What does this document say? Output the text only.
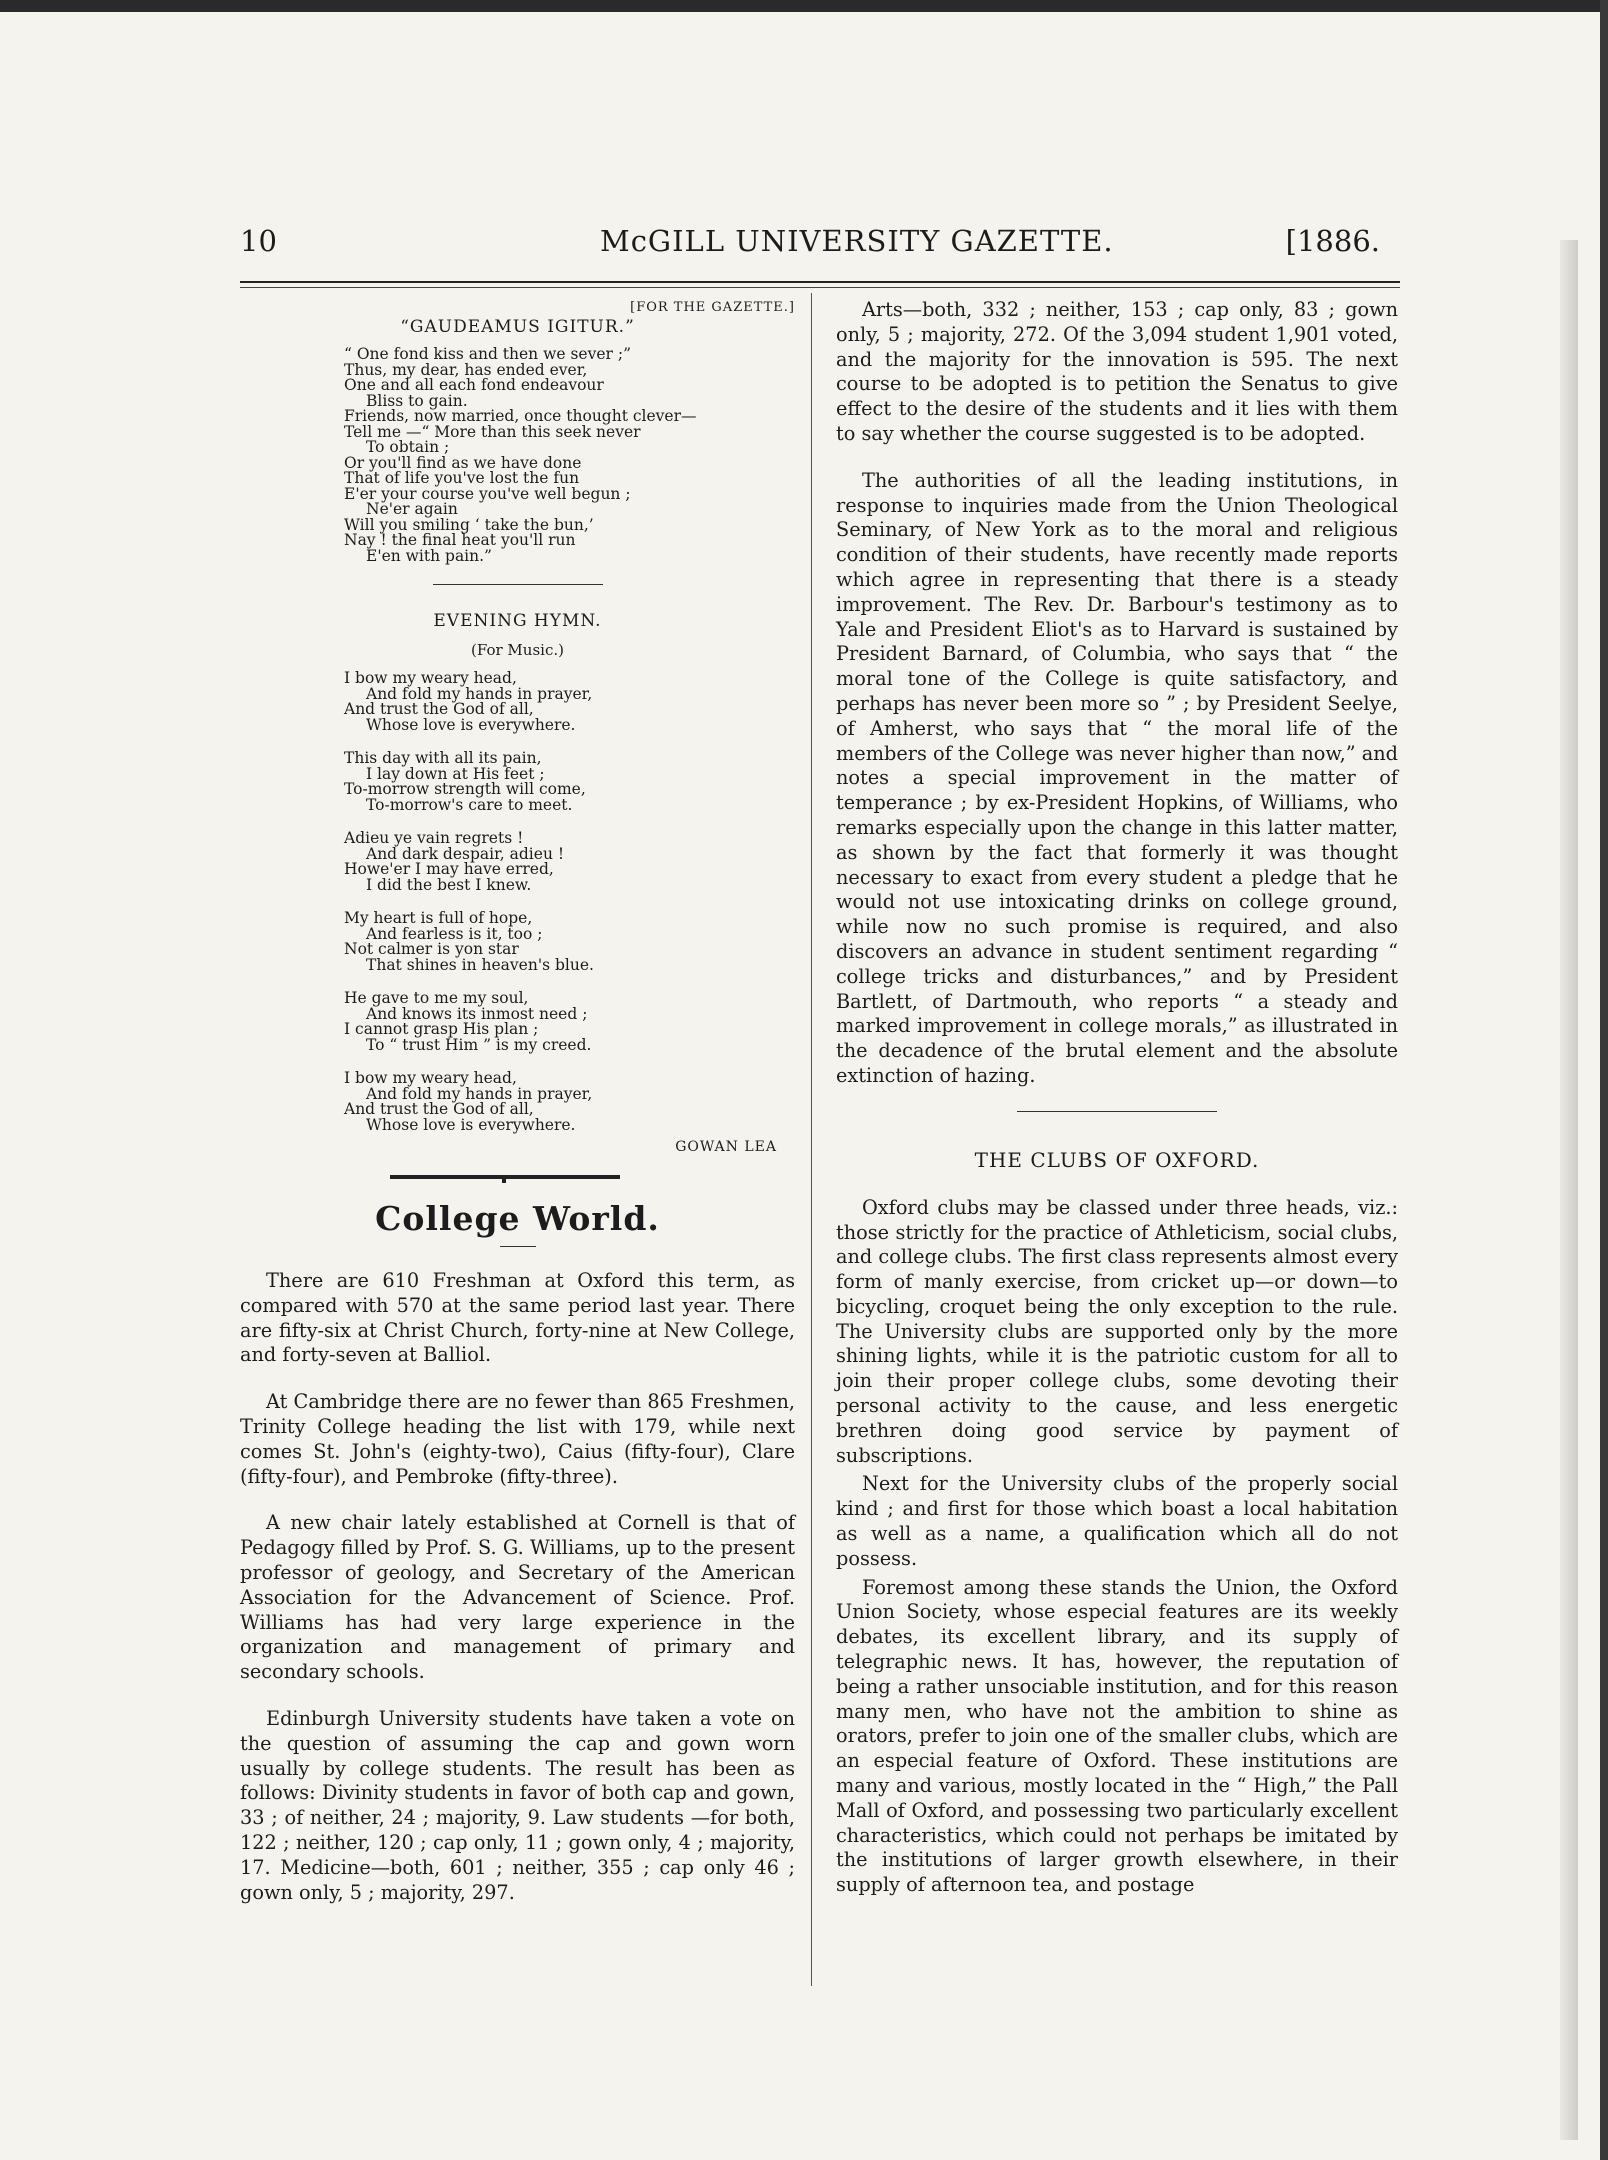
10	McGILL UNIVERSITY GAZETTE.	[1886.
[FOR THE GAZETTE.]
“GAUDEAMUS IGITUR.”
“ One fond kiss and then we sever ;”
Thus, my dear, has ended ever,
One and all each fond endeavour
Bliss to gain.
Friends, now married, once thought clever—
Tell me —“ More than this seek never
To obtain ;
Or you'll find as we have done
That of life you've lost the fun
E'er your course you've well begun ;
Ne'er again
Will you smiling ‘ take the bun,’
Nay ! the final heat you'll run
E'en with pain.”
EVENING HYMN.
(For Music.)
I bow my weary head,
And fold my hands in prayer,
And trust the God of all,
Whose love is everywhere.
This day with all its pain,
I lay down at His feet ;
To-morrow strength will come,
To-morrow's care to meet.
Adieu ye vain regrets !
And dark despair, adieu !
Howe'er I may have erred,
I did the best I knew.
My heart is full of hope,
And fearless is it, too ;
Not calmer is yon star
That shines in heaven's blue.
He gave to me my soul,
And knows its inmost need ;
I cannot grasp His plan ;
To “ trust Him ” is my creed.
I bow my weary head,
And fold my hands in prayer,
And trust the God of all,
Whose love is everywhere.
GOWAN LEA
College World.

There are 610 Freshman at Oxford this term, as compared with 570 at the same period last year. There are fifty-six at Christ Church, forty-nine at New College, and forty-seven at Balliol.

At Cambridge there are no fewer than 865 Freshmen, Trinity College heading the list with 179, while next comes St. John's (eighty-two), Caius (fifty-four), Clare (fifty-four), and Pembroke (fifty-three).

A new chair lately established at Cornell is that of Pedagogy filled by Prof. S. G. Williams, up to the present professor of geology, and Secretary of the American Association for the Advancement of Science. Prof. Williams has had very large experience in the organization and management of primary and secondary schools.

Edinburgh University students have taken a vote on the question of assuming the cap and gown worn usually by college students. The result has been as follows: Divinity students in favor of both cap and gown, 33 ; of neither, 24 ; majority, 9. Law students —for both, 122 ; neither, 120 ; cap only, 11 ; gown only, 4 ; majority, 17. Medicine—both, 601 ; neither, 355 ; cap only 46 ; gown only, 5 ; majority, 297.

Arts—both, 332 ; neither, 153 ; cap only, 83 ; gown only, 5 ; majority, 272. Of the 3,094 student 1,901 voted, and the majority for the innovation is 595. The next course to be adopted is to petition the Senatus to give effect to the desire of the students and it lies with them to say whether the course suggested is to be adopted.

The authorities of all the leading institutions, in response to inquiries made from the Union Theological Seminary, of New York as to the moral and religious condition of their students, have recently made reports which agree in representing that there is a steady improvement. The Rev. Dr. Barbour's testimony as to Yale and President Eliot's as to Harvard is sustained by President Barnard, of Columbia, who says that “ the moral tone of the College is quite satisfactory, and perhaps has never been more so ” ; by President Seelye, of Amherst, who says that “ the moral life of the members of the College was never higher than now,” and notes a special improvement in the matter of temperance ; by ex-President Hopkins, of Williams, who remarks especially upon the change in this latter matter, as shown by the fact that formerly it was thought necessary to exact from every student a pledge that he would not use intoxicating drinks on college ground, while now no such promise is required, and also discovers an advance in student sentiment regarding “ college tricks and disturbances,” and by President Bartlett, of Dartmouth, who reports “ a steady and marked improvement in college morals,” as illustrated in the decadence of the brutal element and the absolute extinction of hazing.

THE CLUBS OF OXFORD.

Oxford clubs may be classed under three heads, viz.: those strictly for the practice of Athleticism, social clubs, and college clubs. The first class represents almost every form of manly exercise, from cricket up—or down—to bicycling, croquet being the only exception to the rule. The University clubs are supported only by the more shining lights, while it is the patriotic custom for all to join their proper college clubs, some devoting their personal activity to the cause, and less energetic brethren doing good service by payment of subscriptions.

Next for the University clubs of the properly social kind ; and first for those which boast a local habitation as well as a name, a qualification which all do not possess.

Foremost among these stands the Union, the Oxford Union Society, whose especial features are its weekly debates, its excellent library, and its supply of telegraphic news. It has, however, the reputation of being a rather unsociable institution, and for this reason many men, who have not the ambition to shine as orators, prefer to join one of the smaller clubs, which are an especial feature of Oxford. These institutions are many and various, mostly located in the “ High,” the Pall Mall of Oxford, and possessing two particularly excellent characteristics, which could not perhaps be imitated by the institutions of larger growth elsewhere, in their supply of afternoon tea, and postage
